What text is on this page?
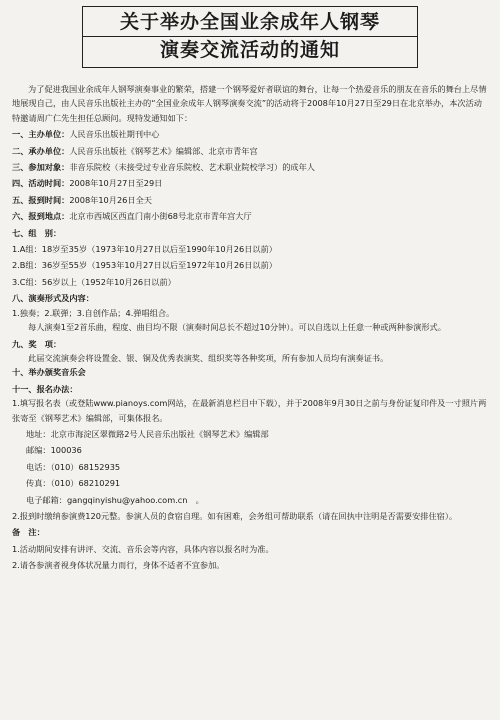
关于举办全国业余成年人钢琴
演奏交流活动的通知

为了促进我国业余成年人钢琴演奏事业的繁荣，搭建一个钢琴爱好者联谊的舞台，让每一个热爱音乐的朋友在音乐的舞台上尽情地展现自己，由人民音乐出版社主办的“全国业余成年人钢琴演奏交流”的活动将于2008年10月27日至29日在北京举办，本次活动特邀请周广仁先生担任总顾问。现特发通知如下：

一、主办单位：人民音乐出版社期刊中心
二、承办单位：人民音乐出版社《钢琴艺术》编辑部、北京市青年宫
三、参加对象：非音乐院校（未接受过专业音乐院校、艺术职业院校学习）的成年人
四、活动时间：2008年10月27日至29日
五、报到时间：2008年10月26日全天
六、报到地点：北京市西城区西直门南小街68号北京市青年宫大厅
七、组　别：
1.A组：18岁至35岁（1973年10月27日以后至1990年10月26日以前）
2.B组：36岁至55岁（1953年10月27日以后至1972年10月26日以前）
3.C组：56岁以上（1952年10月26日以前）
八、演奏形式及内容：
1.独奏；2.联弹；3.自创作品；4.弹唱组合。

每人演奏1至2首乐曲，程度、曲目均不限（演奏时间总长不超过10分钟）。可以自选以上任意一种或两种参演形式。

九、奖　项：

此届交流演奏会将设置金、银、铜及优秀表演奖、组织奖等各种奖项，所有参加人员均有演奏证书。

十、举办颁奖音乐会
十一、报名办法：

1.填写报名表（或登陆www.pianoys.com网站，在最新消息栏目中下载），并于2008年9月30日之前与身份证复印件及一寸照片两张寄至《钢琴艺术》编辑部，可集体报名。

地址：北京市海淀区翠微路2号人民音乐出版社《钢琴艺术》编辑部
邮编：100036
电话：（010）68152935
传真：（010）68210291
电子邮箱：gangqinyishu@yahoo.com.cn　。

2.报到时缴纳参演费120元整。参演人员的食宿自理。如有困难，会务组可帮助联系（请在回执中注明是否需要安排住宿）。

备　注：
1.活动期间安排有讲评、交流、音乐会等内容，具体内容以报名时为准。
2.请各参演者视身体状况量力而行，身体不适者不宜参加。
